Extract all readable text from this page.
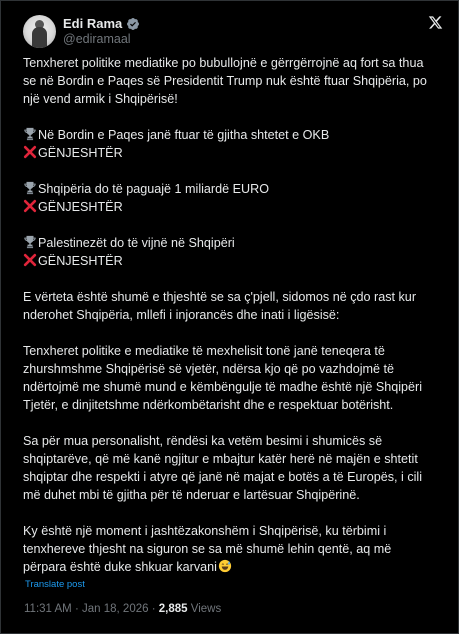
Edi Rama
@ediramaal
Tenxheret politike mediatike po bubullojnë e gërrgërrojnë aq fort sa thua
se në Bordin e Paqes së Presidentit Trump nuk është ftuar Shqipëria, po
një vend armik i Shqipërisë!
Në Bordin e Paqes janë ftuar të gjitha shtetet e OKB
GËNJESHTËR
Shqipëria do të paguajë 1 miliardë EURO
GËNJESHTËR
Palestinezët do të vijnë në Shqipëri
GËNJESHTËR
E vërteta është shumë e thjeshtë se sa ç'pjell, sidomos në çdo rast kur
nderohet Shqipëria, mllefi i injorancës dhe inati i ligësisë:
Tenxheret politike e mediatike të mexhelisit tonë janë teneqera të
zhurshmshme Shqipërisë së vjetër, ndërsa kjo që po vazhdojmë të
ndërtojmë me shumë mund e këmbëngulje të madhe është një Shqipëri
Tjetër, e dinjitetshme ndërkombëtarisht dhe e respektuar botërisht.
Sa për mua personalisht, rëndësi ka vetëm besimi i shumicës së
shqiptarëve, që më kanë ngjitur e mbajtur katër herë në majën e shtetit
shqiptar dhe respekti i atyre që janë në majat e botës a të Europës, i cili
më duhet mbi të gjitha për të nderuar e lartësuar Shqipërinë.
Ky është një moment i jashtëzakonshëm i Shqipërisë, ku tërbimi i
tenxhereve thjesht na siguron se sa më shumë lehin qentë, aq më
përpara është duke shkuar karvani
Translate post
11:31 AM · Jan 18, 2026 · 2,885 Views
